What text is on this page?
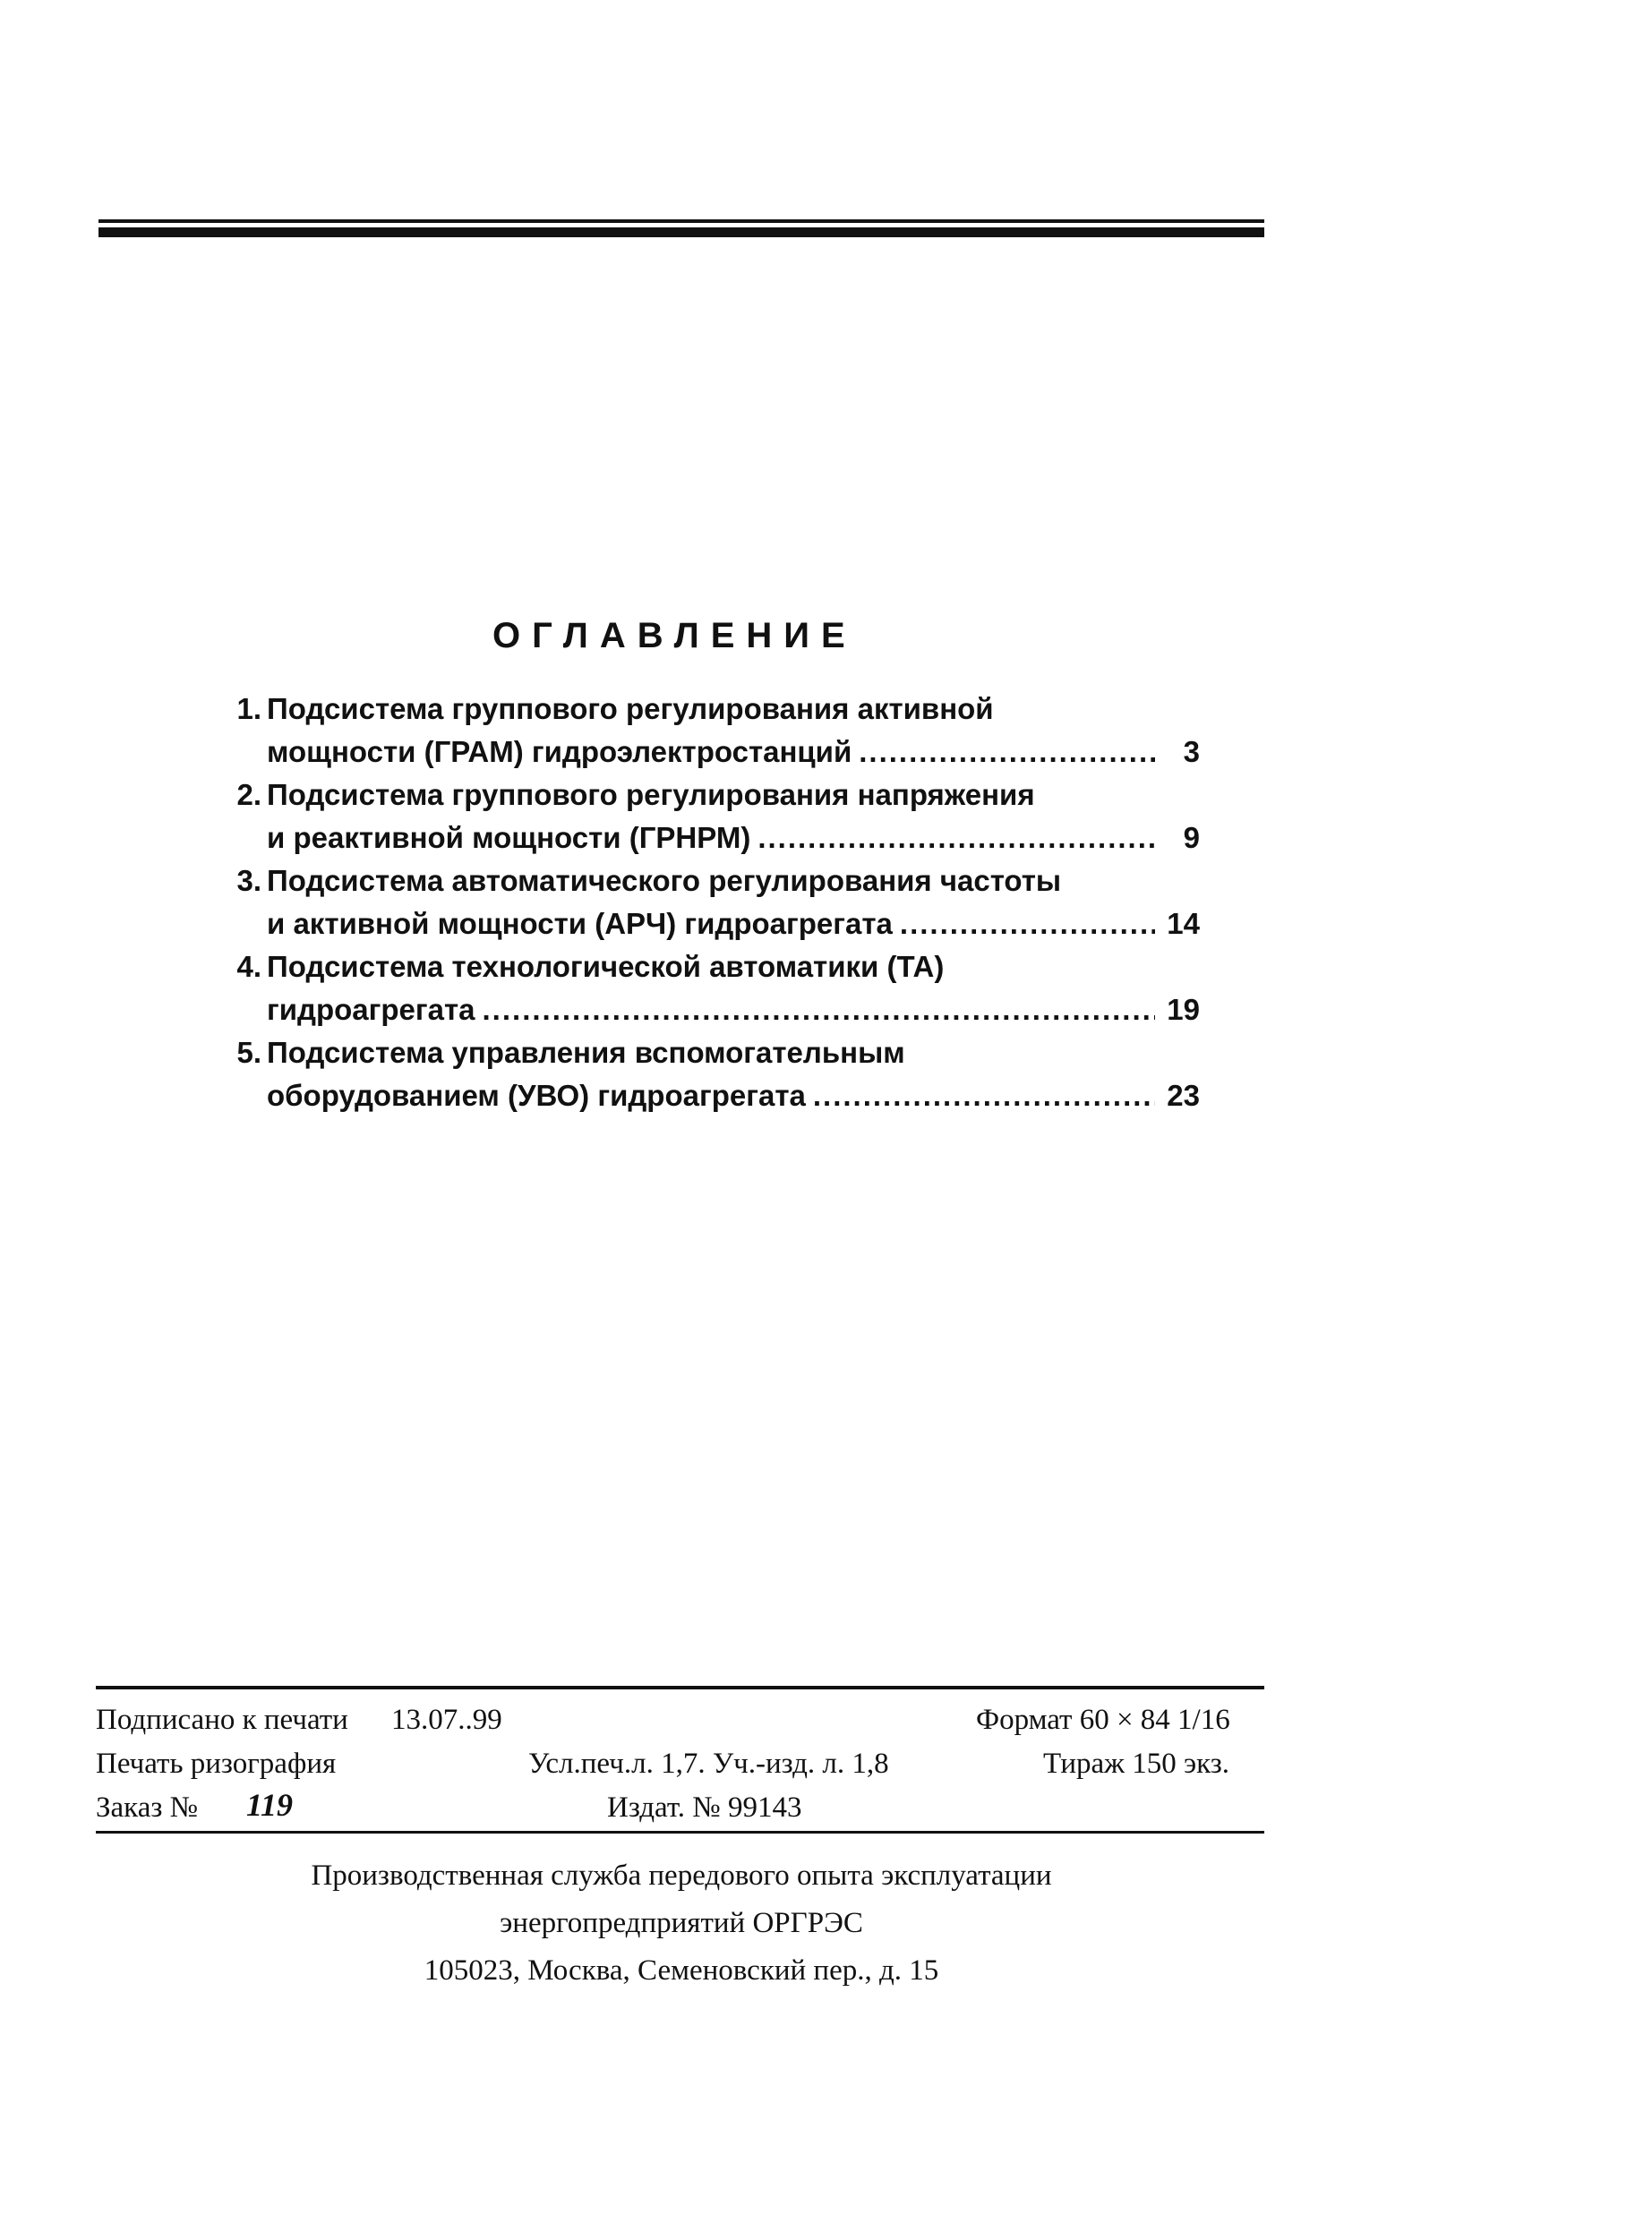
ОГЛАВЛЕНИЕ
1. Подсистема группового регулирования активной
мощности (ГРАМ) гидроэлектростанций .....	3
2. Подсистема группового регулирования напряжения
и реактивной мощности (ГРНРМ) .....	9
3. Подсистема автоматического регулирования частоты
и активной мощности (АРЧ) гидроагрегата .....	14
4. Подсистема технологической автоматики (ТА)
гидроагрегата .....	19
5. Подсистема управления вспомогательным
оборудованием (УВО) гидроагрегата .....	23
Подписано к печати 13.07..99	Формат 60 × 84 1/16
Печать ризография	Усл.печ.л. 1,7. Уч.-изд. л. 1,8	Тираж 150 экз.
Заказ № 119	Издат. № 99143
Производственная служба передового опыта эксплуатации
энергопредприятий ОРГРЭС
105023, Москва, Семеновский пер., д. 15
